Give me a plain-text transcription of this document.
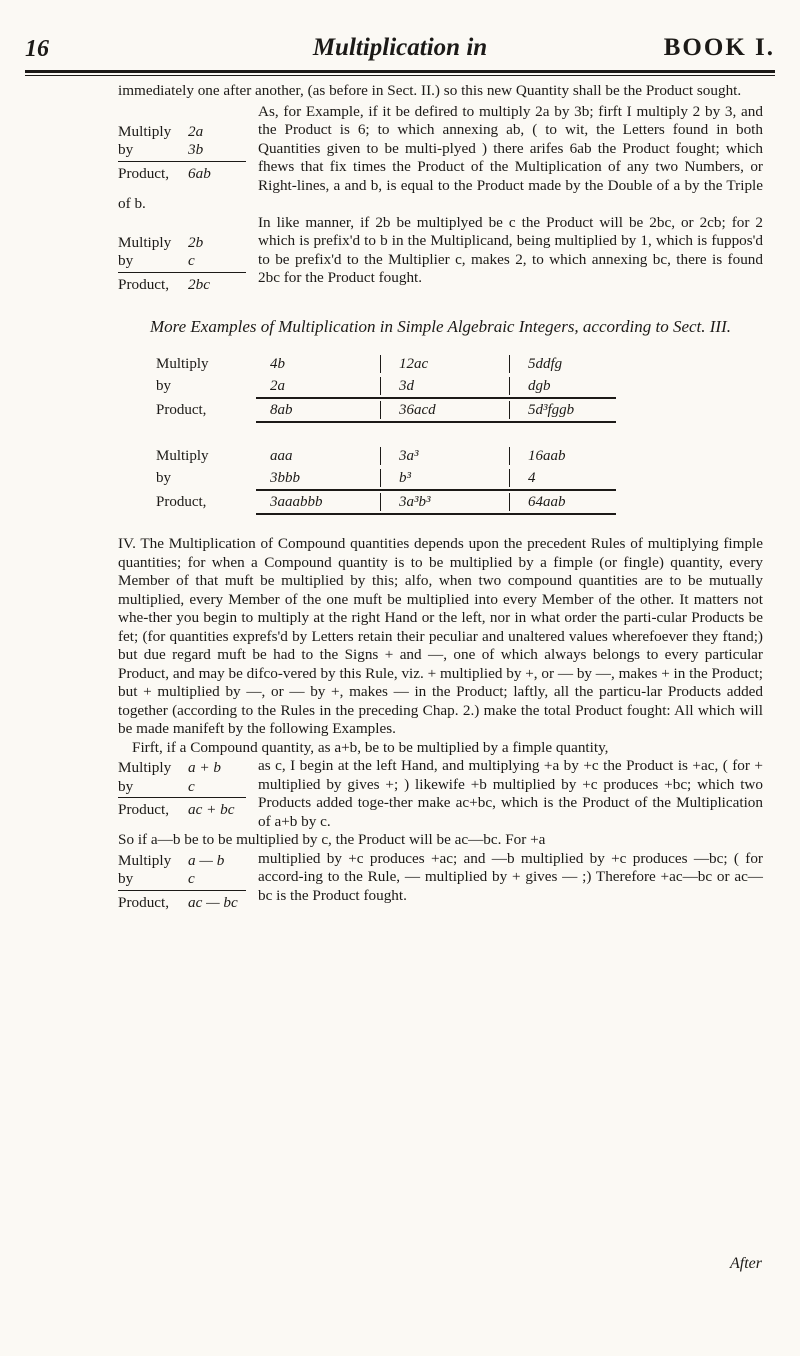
16	Multiplication in	BOOK I.

immediately one after another, (as before in Sect. II.) so this new Quantity shall be the Product sought.

Multiply	2a
by	3b
Product,	6ab

As, for Example, if it be defired to multiply 2a by 3b; firft I multiply 2 by 3, and the Product is 6; to which annexing ab, ( to wit, the Letters found in both Quantities given to be multi-plyed ) there arifes 6ab the Product fought; which fhews that fix times the Product of the Multiplication of any two Numbers, or Right-lines, a and b, is equal to the Product made by the Double of a by the Triple of b.

Multiply	2b
by	c
Product,	2bc

In like manner, if 2b be multiplyed be c the Product will be 2bc, or 2cb; for 2 which is prefix'd to b in the Multiplicand, being multiplied by 1, which is fuppos'd to be prefix'd to the Multiplier c, makes 2, to which annexing bc, there is found 2bc for the Product fought.

More Examples of Multiplication in Simple Algebraic Integers, according to Sect. III.
Multiply	4b	12ac	5ddfg
by	2a	3d	dgb
Product,	8ab	36acd	5d³fggb
Multiply	aaa	3a³	16aab
by	3bbb	b³	4
Product,	3aaabbb	3a³b³	64aab

IV. The Multiplication of Compound quantities depends upon the precedent Rules of multiplying fimple quantities; for when a Compound quantity is to be multiplied by a fimple (or fingle) quantity, every Member of that muft be multiplied by this; alfo, when two compound quantities are to be mutually multiplied, every Member of the one muft be multiplied into every Member of the other. It matters not whe-ther you begin to multiply at the right Hand or the left, nor in what order the parti-cular Products be fet; (for quantities exprefs'd by Letters retain their peculiar and unaltered values wherefoever they ftand;) but due regard muft be had to the Signs + and —, one of which always belongs to every particular Product, and may be difco-vered by this Rule, viz. + multiplied by +, or — by —, makes + in the Product; but + multiplied by —, or — by +, makes — in the Product; laftly, all the particu-lar Products added together (according to the Rules in the preceding Chap. 2.) make the total Product fought: All which will be made manifeft by the following Examples.

Firft, if a Compound quantity, as a+b, be to be multiplied by a fimple quantity,

Multiply	a + b
by	c
Product,	ac + bc

as c, I begin at the left Hand, and multiplying +a by +c the Product is +ac, ( for + multiplied by gives +; ) likewife +b multiplied by +c produces +bc; which two Products added toge-ther make ac+bc, which is the Product of the Multiplication of a+b by c.

So if a—b be to be multiplied by c, the Product will be ac—bc. For +a

Multiply	a — b
by	c
Product,	ac — bc

multiplied by +c produces +ac; and —b multiplied by +c produces —bc; ( for accord-ing to the Rule, — multiplied by + gives — ;) Therefore +ac—bc or ac—bc is the Product fought.

After
